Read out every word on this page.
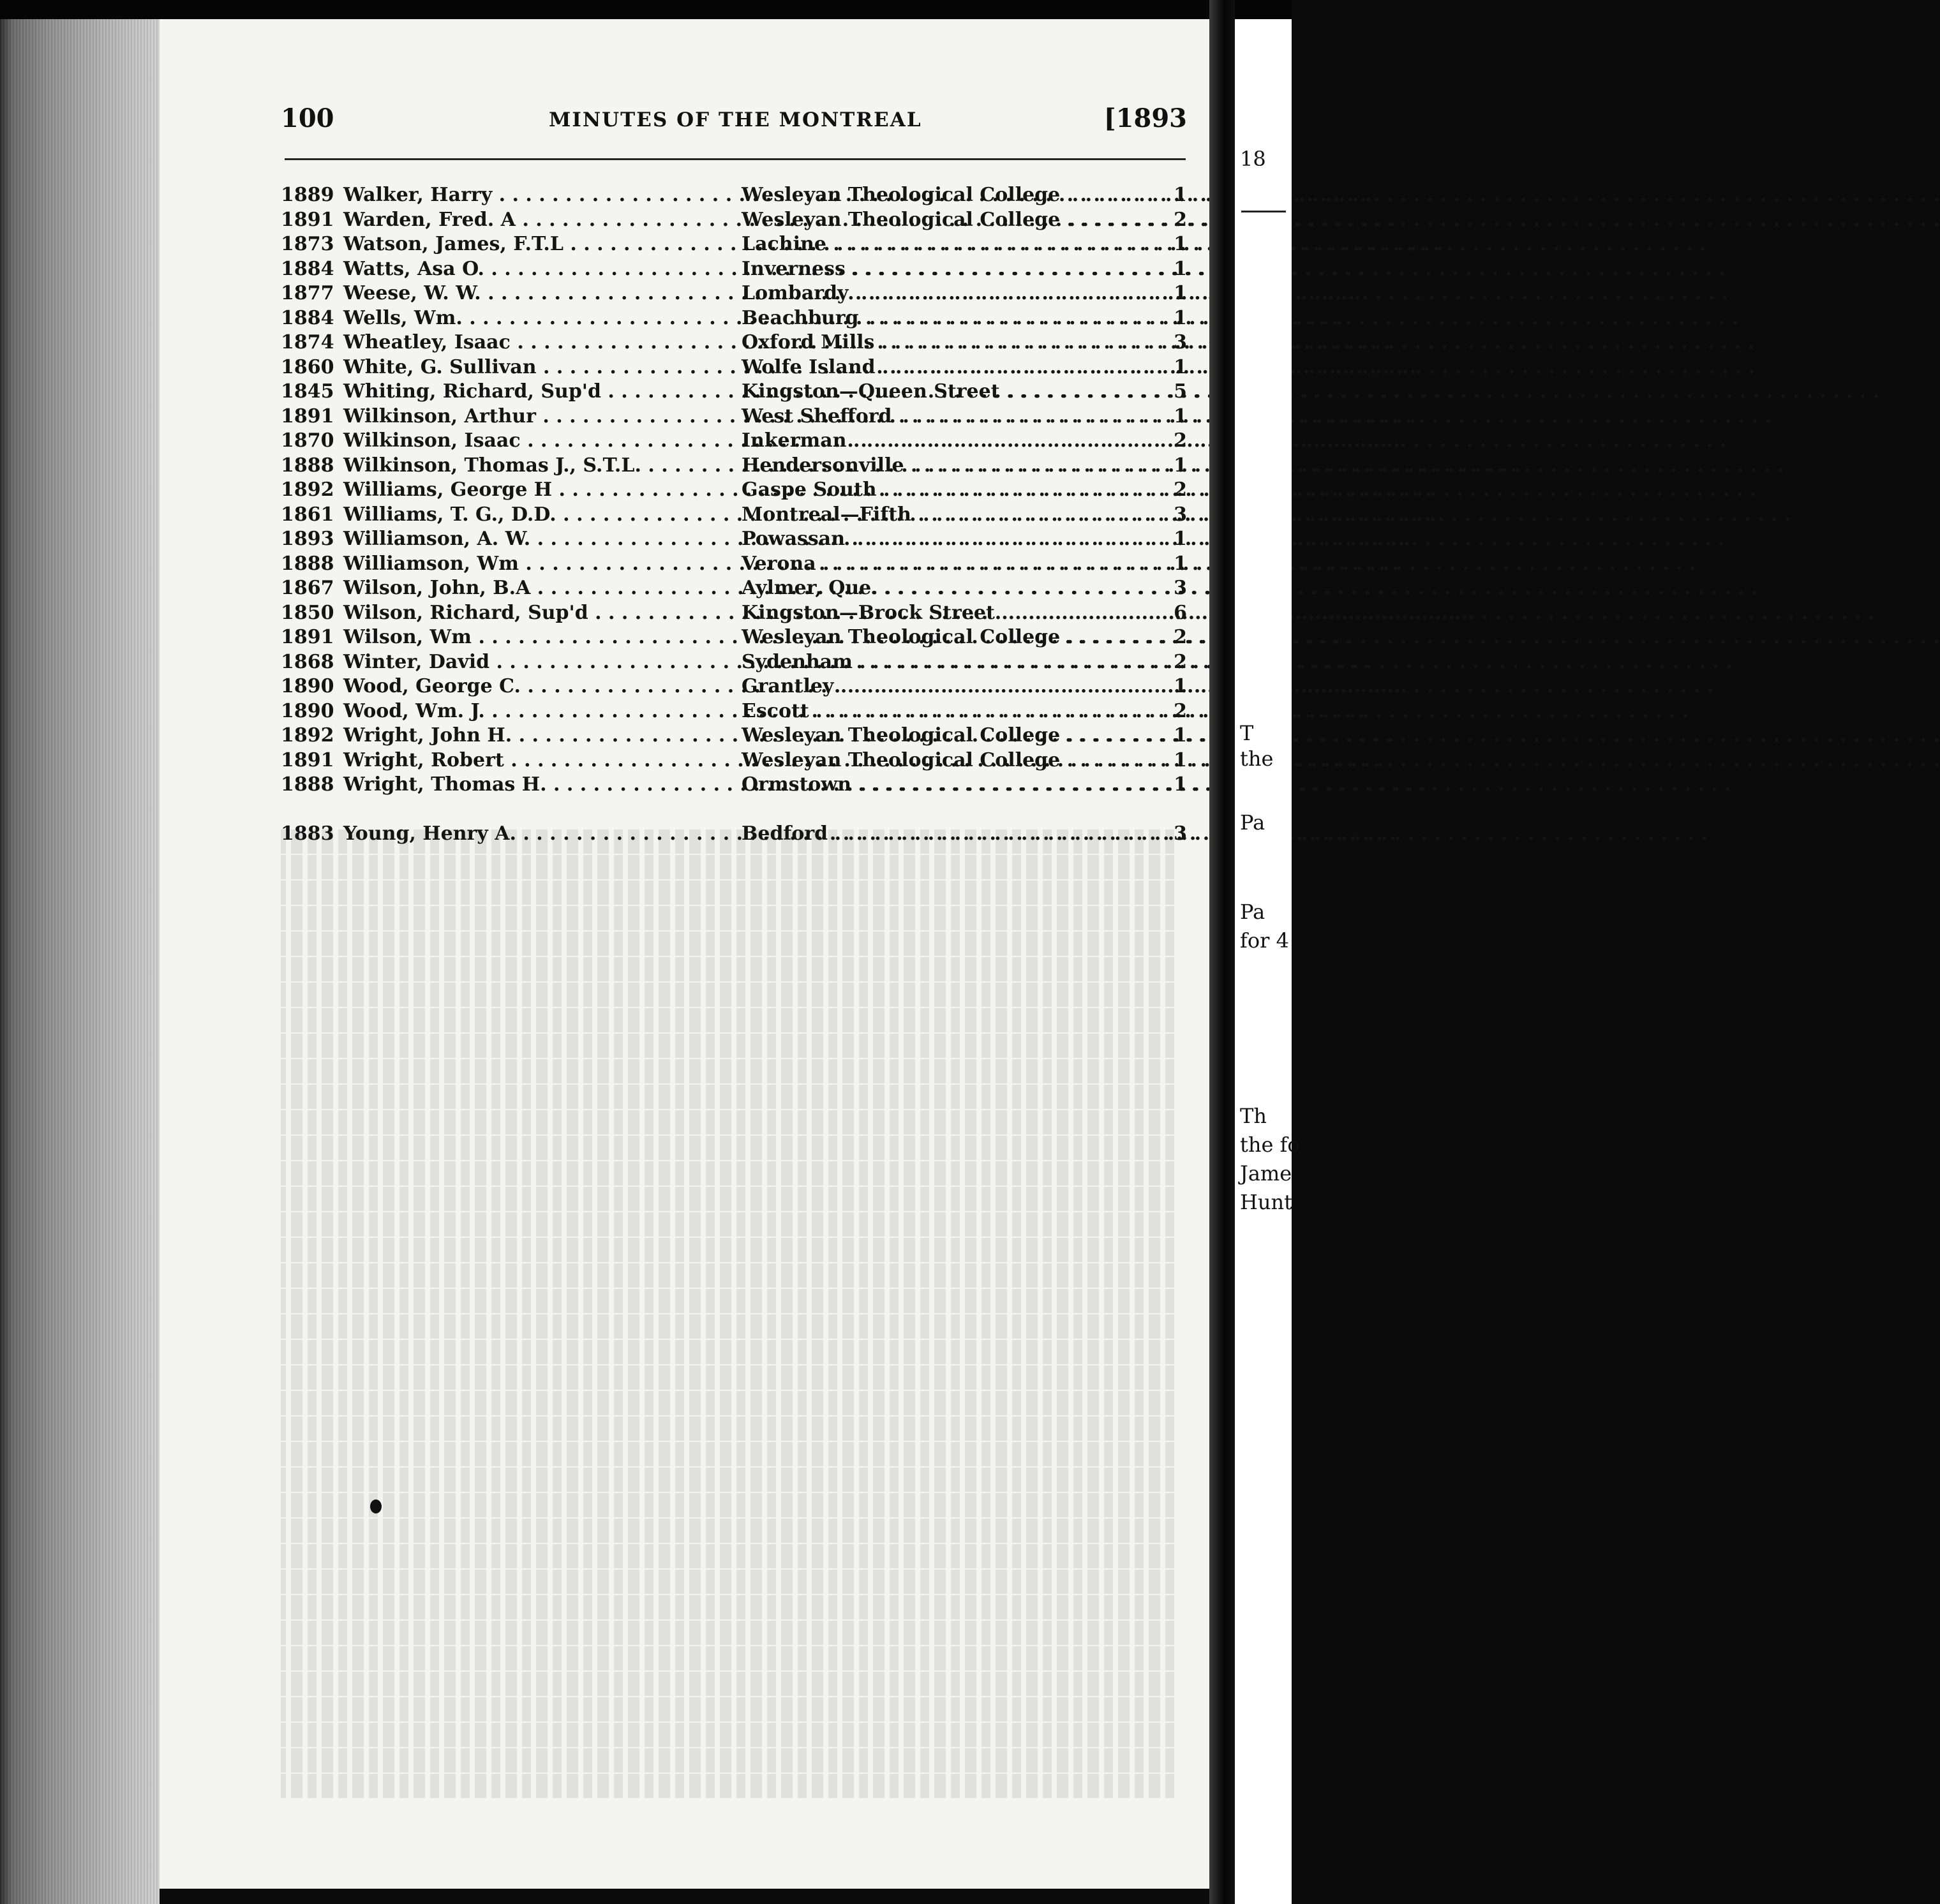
100	MINUTES OF THE MONTREAL	[1893
1889 Walker, Harry . . .	Wesleyan Theological College . . .	1
1891 Warden, Fred. A . . .	Wesleyan Theological College . . .	2
1873 Watson, James, F.T.L . . .	Lachine . . .	1
1884 Watts, Asa O. . . .	Inverness . . .	1
1877 Weese, W. W. . . .	Lombardy . . .	1
1884 Wells, Wm. . . .	Beachburg . . .	1
1874 Wheatley, Isaac . . .	Oxford Mills . . .	3
1860 White, G. Sullivan . . .	Wolfe Island . . .	1
1845 Whiting, Richard, Sup'd . . .	Kingston—Queen Street . . .	5
1891 Wilkinson, Arthur . . .	West Shefford . . .	1
1870 Wilkinson, Isaac . . .	Inkerman . . .	2
1888 Wilkinson, Thomas J., S.T.L. . . .	Hendersonville . . .	1
1892 Williams, George H . . .	Gaspe South . . .	2
1861 Williams, T. G., D.D. . . .	Montreal—Fifth . . .	3
1893 Williamson, A. W. . . .	Powassan . . .	1
1888 Williamson, Wm . . .	Verona . . .	1
1867 Wilson, John, B.A . . .	Aylmer, Que. . . .	3
1850 Wilson, Richard, Sup'd . . .	Kingston—Brock Street . . .	6
1891 Wilson, Wm . . .	Wesleyan Theological College . . .	2
1868 Winter, David . . .	Sydenham . . .	2
1890 Wood, George C. . . .	Grantley . . .	1
1890 Wood, Wm. J. . . .	Escott . . .	2
1892 Wright, John H. . . .	Wesleyan Theological College . . .	1
1891 Wright, Robert . . .	Wesleyan Theological College . . .	1
1888 Wright, Thomas H. . . .	Ormstown . . .	1
1883 Young, Henry A. . . .	Bedford . . .	3
18
T
the
Pa
Pa
for 4
Th
the fo
Jame
Hunt
